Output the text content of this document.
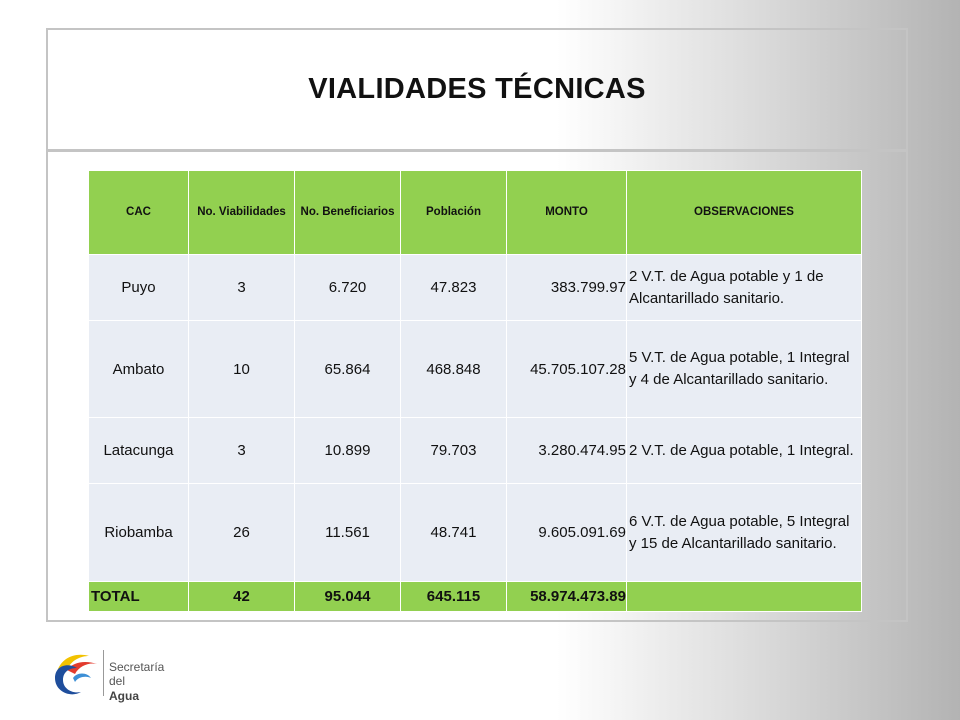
VIALIDADES TÉCNICAS
CAC	No. Viabilidades	No. Beneficiarios	Población	MONTO	OBSERVACIONES
Puyo	3	6.720	47.823	383.799.97	2 V.T. de Agua potable y 1 de Alcantarillado sanitario.
Ambato	10	65.864	468.848	45.705.107.28	5 V.T. de Agua potable, 1 Integral y 4 de Alcantarillado sanitario.
Latacunga	3	10.899	79.703	3.280.474.95	2 V.T. de Agua potable, 1 Integral.
Riobamba	26	11.561	48.741	9.605.091.69	6 V.T. de Agua potable, 5 Integral y 15 de Alcantarillado sanitario.
TOTAL	42	95.044	645.115	58.974.473.89	
Secretaría del
Agua
